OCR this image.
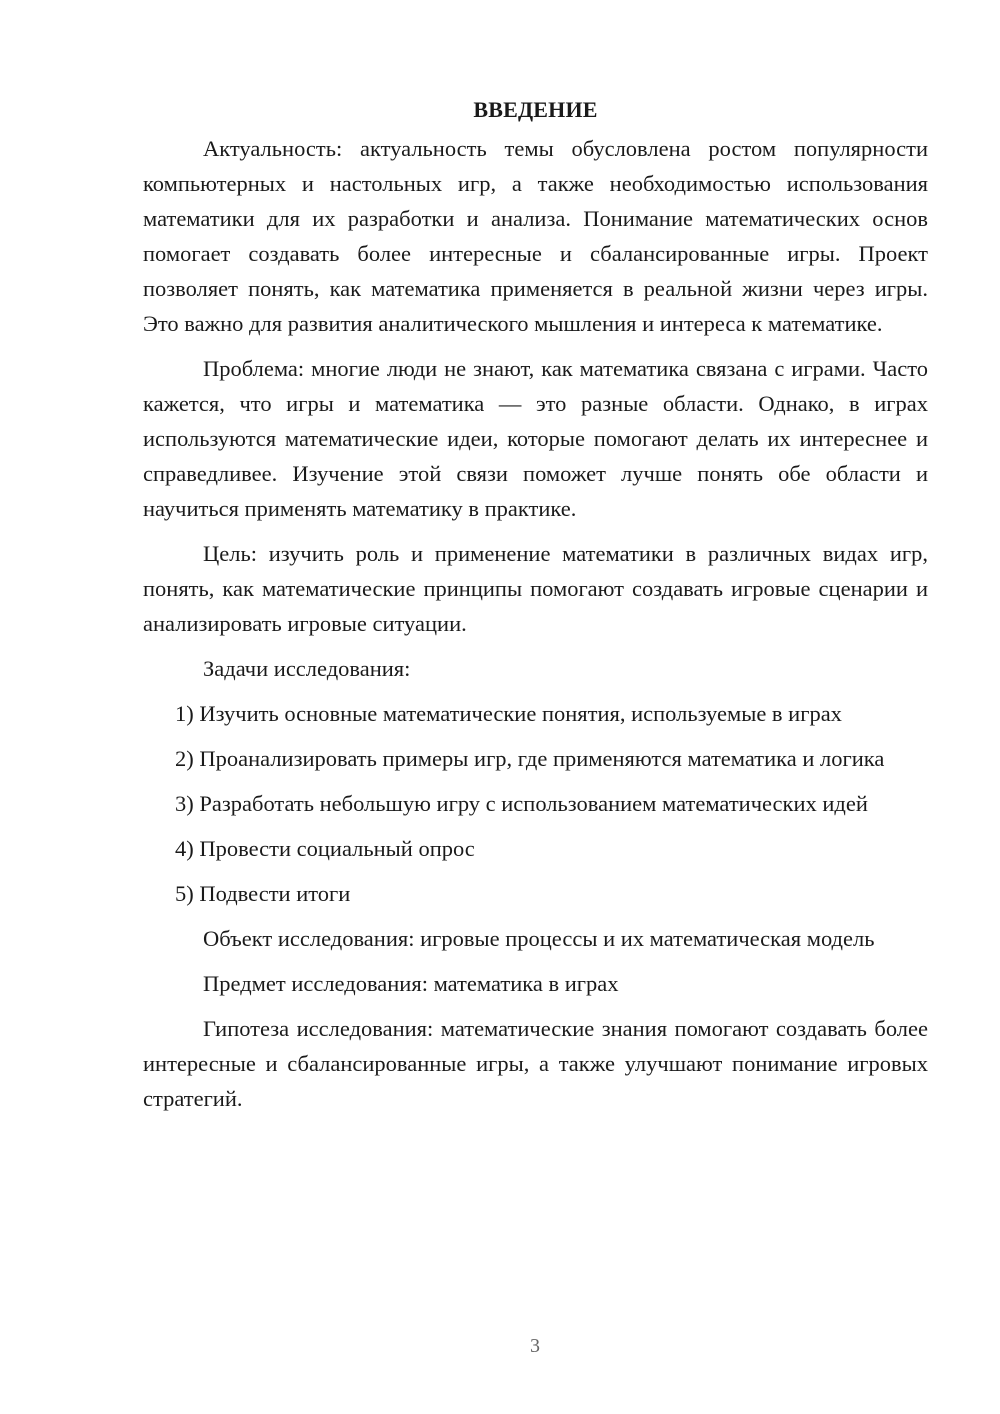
ВВЕДЕНИЕ

Актуальность: актуальность темы обусловлена ростом популярности компьютерных и настольных игр, а также необходимостью использования математики для их разработки и анализа. Понимание математических основ помогает создавать более интересные и сбалансированные игры. Проект позволяет понять, как математика применяется в реальной жизни через игры. Это важно для развития аналитического мышления и интереса к математике.

Проблема: многие люди не знают, как математика связана с играми. Часто кажется, что игры и математика — это разные области. Однако, в играх используются математические идеи, которые помогают делать их интереснее и справедливее. Изучение этой связи поможет лучше понять обе области и научиться применять математику в практике.

Цель: изучить роль и применение математики в различных видах игр, понять, как математические принципы помогают создавать игровые сценарии и анализировать игровые ситуации.

Задачи исследования:

1) Изучить основные математические понятия, используемые в играх

2) Проанализировать примеры игр, где применяются математика и логика

3) Разработать небольшую игру с использованием математических идей

4) Провести социальный опрос

5) Подвести итоги

Объект исследования: игровые процессы и их математическая модель

Предмет исследования: математика в играх

Гипотеза исследования: математические знания помогают создавать более интересные и сбалансированные игры, а также улучшают понимание игровых стратегий.

3
